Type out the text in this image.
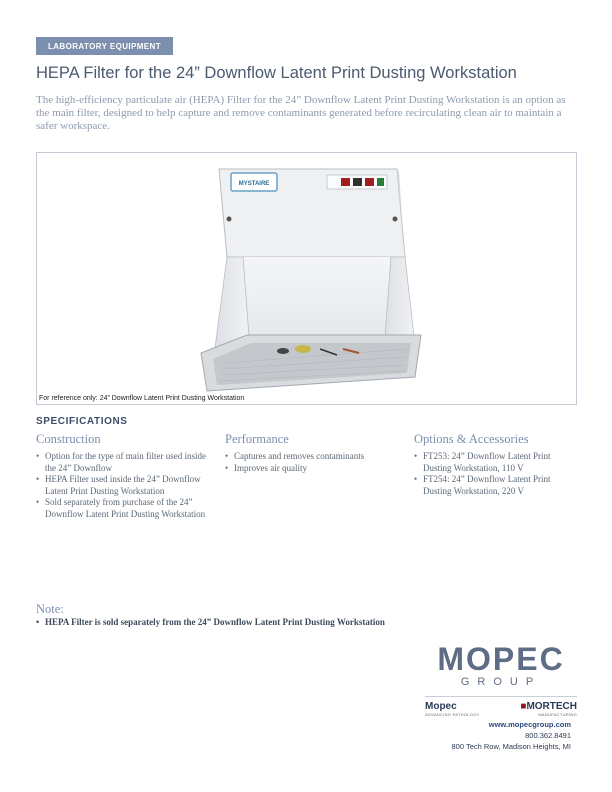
LABORATORY EQUIPMENT
HEPA Filter for the 24” Downflow Latent Print Dusting Workstation
The high-efficiency particulate air (HEPA) Filter for the 24” Downflow Latent Print Dusting Workstation is an option as the main filter, designed to help capture and remove contaminants generated before recirculating clean air to maintain a safer workspace.
MYSTAIRE
For reference only: 24” Downflow Latent Print Dusting Workstation
SPECIFICATIONS
Construction
• Option for the type of main filter used inside the 24” Downflow
• HEPA Filter used inside the 24” Downflow Latent Print Dusting Workstation
• Sold separately from purchase of the 24” Downflow Latent Print Dusting Workstation
Performance
• Captures and removes contaminants
• Improves air quality
Options & Accessories
• FT253: 24” Downflow Latent Print Dusting Workstation, 110 V
• FT254: 24” Downflow Latent Print Dusting Workstation, 220 V
Note:
• HEPA Filter is sold separately from the 24” Downflow Latent Print Dusting Workstation
MOPEC
GROUP
Mopec
ADVANCING PATHOLOGY
■MORTECH
MANUFACTURING
www.mopecgroup.com
800.362.8491
800 Tech Row, Madison Heights, MI
